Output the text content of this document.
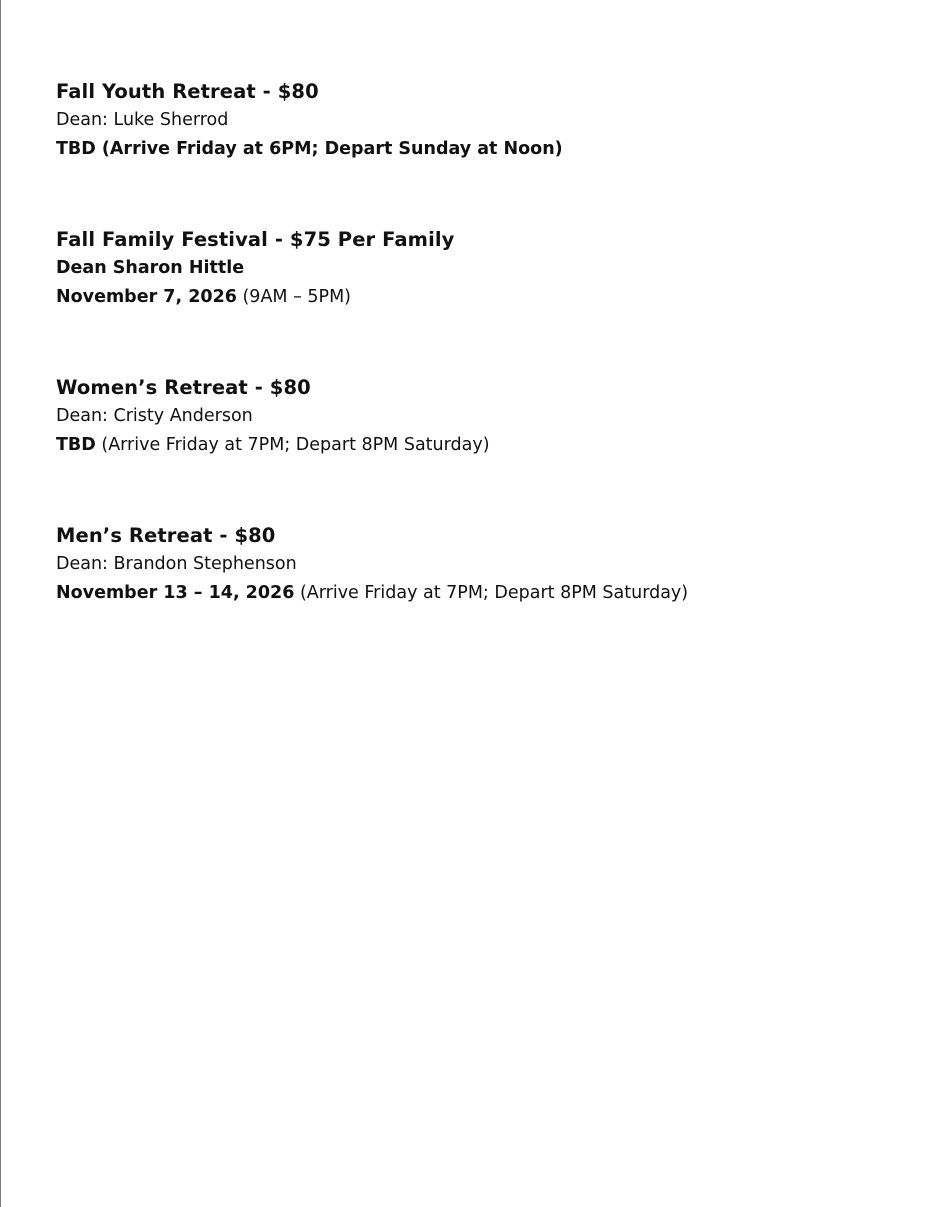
Fall Youth Retreat - $80
Dean: Luke Sherrod
TBD (Arrive Friday at 6PM; Depart Sunday at Noon)
Fall Family Festival - $75 Per Family
Dean Sharon Hittle
November 7, 2026 (9AM – 5PM)
Women’s Retreat - $80
Dean: Cristy Anderson
TBD (Arrive Friday at 7PM; Depart 8PM Saturday)
Men’s Retreat - $80
Dean: Brandon Stephenson
November 13 – 14, 2026 (Arrive Friday at 7PM; Depart 8PM Saturday)
